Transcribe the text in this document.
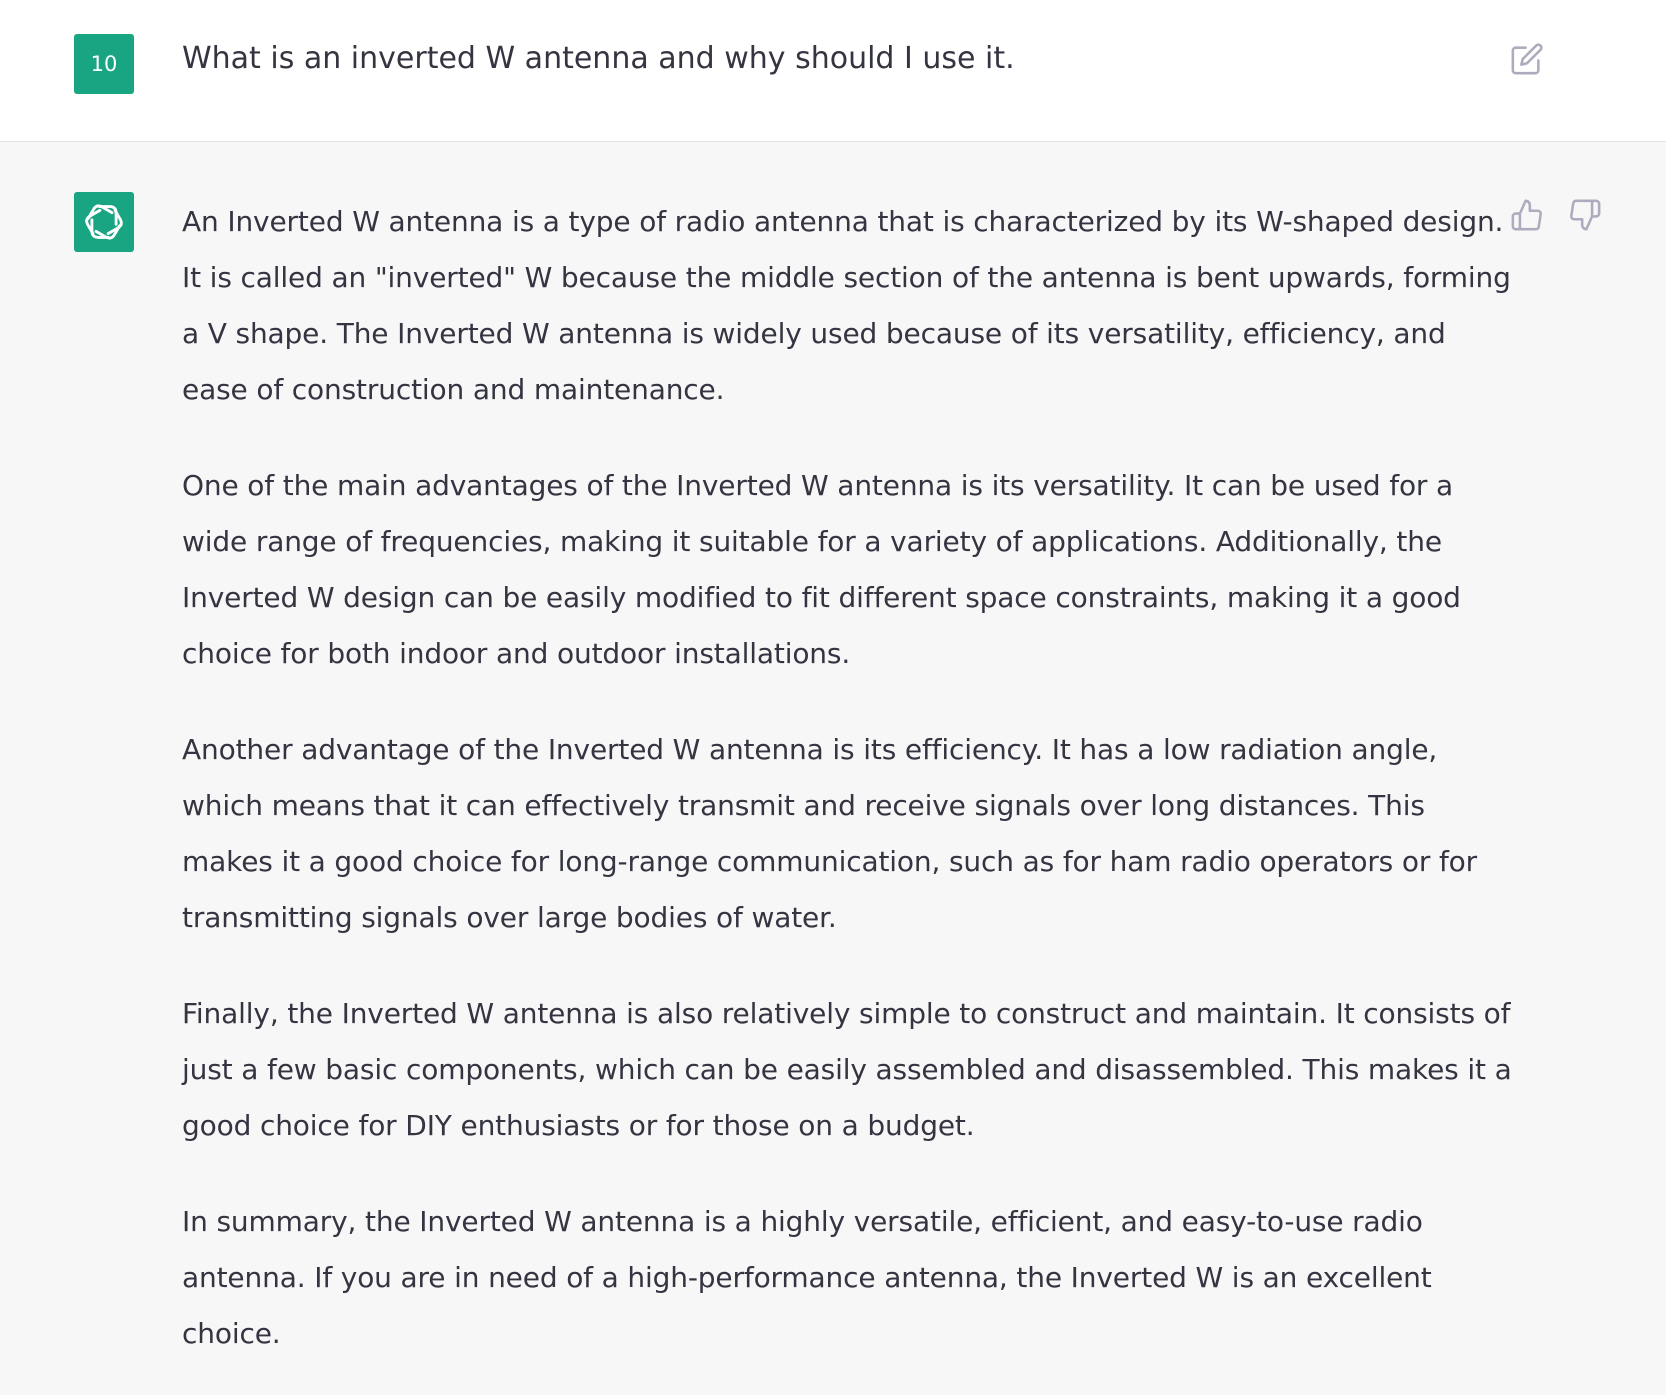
10 What is an inverted W antenna and why should I use it.

An Inverted W antenna is a type of radio antenna that is characterized by its W-shaped design. It is called an "inverted" W because the middle section of the antenna is bent upwards, forming a V shape. The Inverted W antenna is widely used because of its versatility, efficiency, and ease of construction and maintenance.

One of the main advantages of the Inverted W antenna is its versatility. It can be used for a wide range of frequencies, making it suitable for a variety of applications. Additionally, the Inverted W design can be easily modified to fit different space constraints, making it a good choice for both indoor and outdoor installations.

Another advantage of the Inverted W antenna is its efficiency. It has a low radiation angle, which means that it can effectively transmit and receive signals over long distances. This makes it a good choice for long-range communication, such as for ham radio operators or for transmitting signals over large bodies of water.

Finally, the Inverted W antenna is also relatively simple to construct and maintain. It consists of just a few basic components, which can be easily assembled and disassembled. This makes it a good choice for DIY enthusiasts or for those on a budget.

In summary, the Inverted W antenna is a highly versatile, efficient, and easy-to-use radio antenna. If you are in need of a high-performance antenna, the Inverted W is an excellent choice.
